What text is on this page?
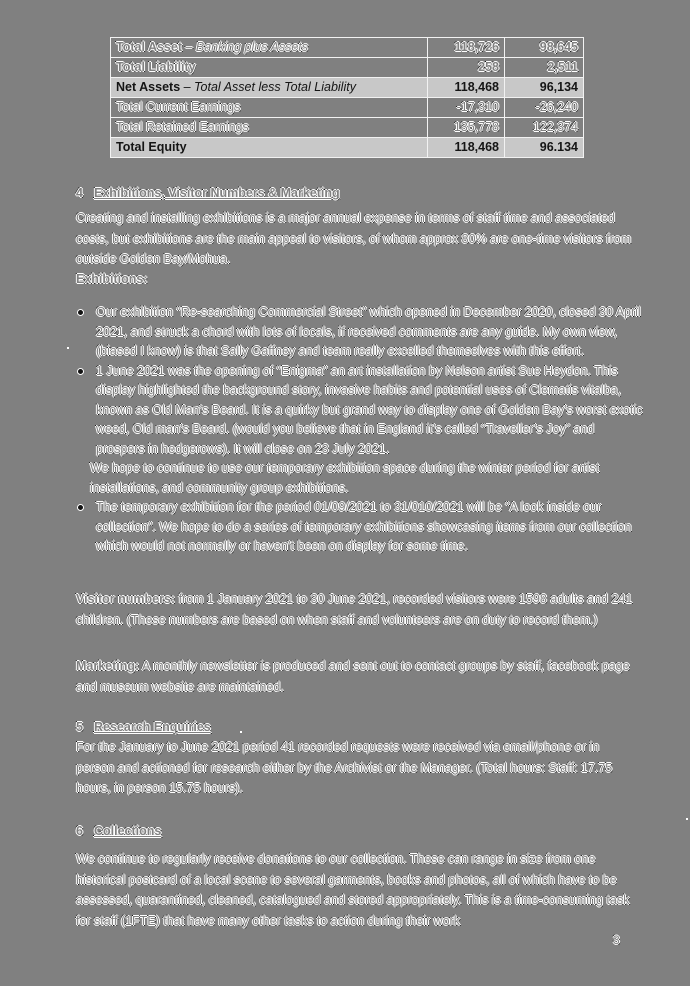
Total Asset – Banking plus Assets	118,726	98,645
Total Liability	258	2,511
Net Assets – Total Asset less Total Liability	118,468	96,134
Total Current Earnings	-17,310	-26,240
Total Retained Earnings	135,778	122,374
Total Equity	118,468	96.134
4 Exhibitions, Visitor Numbers & Marketing
Creating and installing exhibitions is a major annual expense in terms of staff time and associated costs, but exhibitions are the main appeal to visitors, of whom approx 80% are one-time visitors from outside Golden Bay/Mohua.
Exhibitions:
Our exhibition “Re-searching Commercial Street” which opened in December 2020, closed 30 April 2021, and struck a chord with lots of locals, if received comments are any guide. My own view, (biased I know) is that Sally Gaffney and team really excelled themselves with this effort.
1 June 2021 was the opening of “Enigma” an art installation by Nelson artist Sue Heydon. This display highlighted the background story, invasive habits and potential uses of Clematis vitalba, known as Old Man’s Beard. It is a quirky but grand way to display one of Golden Bay’s worst exotic weed, Old man’s Beard. (would you believe that in England it’s called “Traveller’s Joy” and prospers in hedgerows). It will close on 23 July 2021.
We hope to continue to use our temporary exhibition space during the winter period for artist installations, and community group exhibitions.
The temporary exhibition for the period 01/09/2021 to 31/010/2021 will be “A look inside our collection”. We hope to do a series of temporary exhibitions showcasing items from our collection which would not normally or haven’t been on display for some time.
Visitor numbers: from 1 January 2021 to 30 June 2021, recorded visitors were 1598 adults and 241 children. (These numbers are based on when staff and volunteers are on duty to record them.)
Marketing: A monthly newsletter is produced and sent out to contact groups by staff, facebook page and museum website are maintained.
5 Research Enquiries
For the January to June 2021 period 41 recorded requests were received via email/phone or in person and actioned for research either by the Archivist or the Manager. (Total hours: Staff: 17.75 hours, in person 15.75 hours).
6 Collections
We continue to regularly receive donations to our collection. These can range in size from one historical postcard of a local scene to several garments, books and photos, all of which have to be assessed, quarantined, cleaned, catalogued and stored appropriately. This is a time-consuming task for staff (1FTE) that have many other tasks to action during their work
3
